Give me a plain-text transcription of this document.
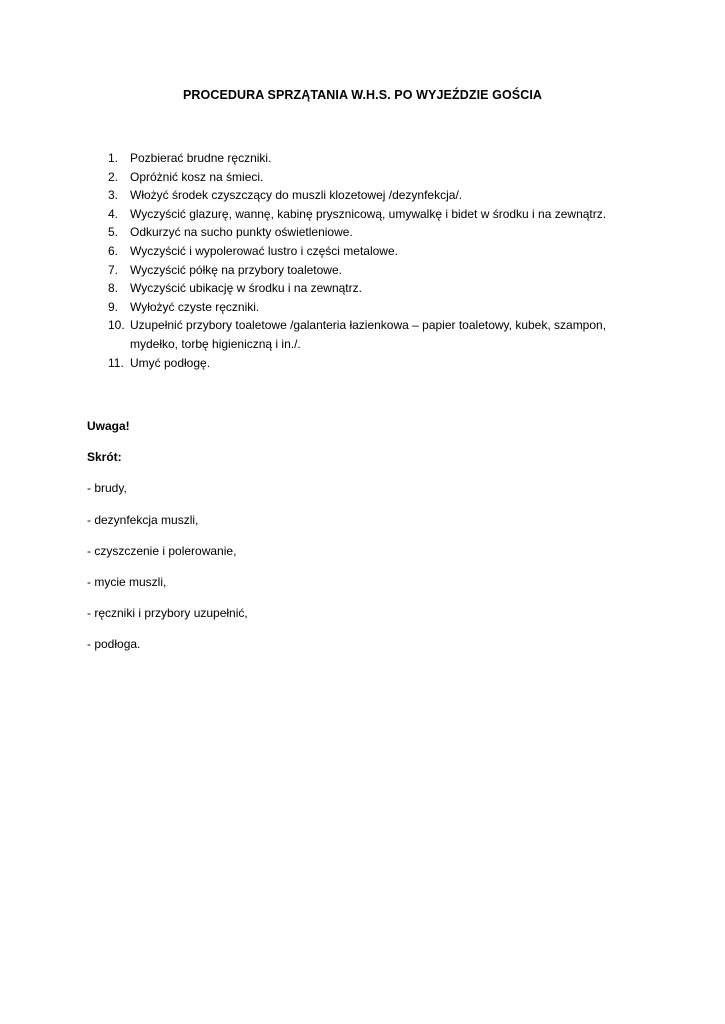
PROCEDURA SPRZĄTANIA W.H.S. PO WYJEŹDZIE GOŚCIA
1. Pozbierać brudne ręczniki.
2. Opróżnić kosz na śmieci.
3. Włożyć środek czyszczący do muszli klozetowej /dezynfekcja/.
4. Wyczyścić glazurę, wannę, kabinę prysznicową, umywalkę i bidet w środku i na zewnątrz.
5. Odkurzyć na sucho punkty oświetleniowe.
6. Wyczyścić i wypolerować lustro i części metalowe.
7. Wyczyścić półkę na przybory toaletowe.
8. Wyczyścić ubikację w środku i na zewnątrz.
9. Wyłożyć czyste ręczniki.
10. Uzupełnić przybory toaletowe /galanteria łazienkowa – papier toaletowy, kubek, szampon, mydełko, torbę higieniczną i in./.
11. Umyć podłogę.
Uwaga!
Skrót:
- brudy,
- dezynfekcja muszli,
- czyszczenie i polerowanie,
- mycie muszli,
- ręczniki i przybory uzupełnić,
- podłoga.
